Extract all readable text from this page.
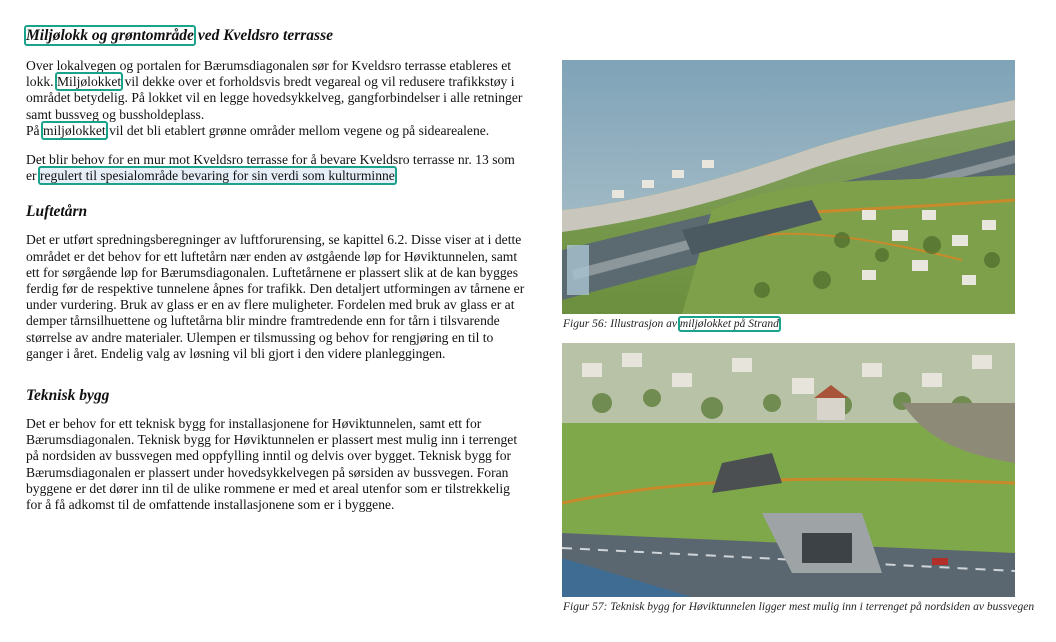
Miljølokk og grøntområde ved Kveldsro terrasse

Over lokalvegen og portalen for Bærumsdiagonalen sør for Kveldsro terrasse etableres et lokk. Miljølokket vil dekke over et forholdsvis bredt vegareal og vil redusere trafikkstøy i området betydelig. På lokket vil en legge hovedsykkelveg, gangforbindelser i alle retninger samt bussveg og bussholdeplass.
På miljølokket vil det bli etablert grønne områder mellom vegene og på sidearealene.

Det blir behov for en mur mot Kveldsro terrasse for å bevare Kveldsro terrasse nr. 13 som er regulert til spesialområde bevaring for sin verdi som kulturminne

Luftetårn

Det er utført spredningsberegninger av luftforurensing, se kapittel 6.2. Disse viser at i dette området er det behov for ett luftetårn nær enden av østgående løp for Høviktunnelen, samt ett for sørgående løp for Bærumsdiagonalen. Luftetårnene er plassert slik at de kan bygges ferdig før de respektive tunnelene åpnes for trafikk. Den detaljert utformingen av tårnene er under vurdering. Bruk av glass er en av flere muligheter. Fordelen med bruk av glass er at demper tårnsilhuettene og luftetårna blir mindre framtredende enn for tårn i tilsvarende størrelse av andre materialer. Ulempen er tilsmussing og behov for rengjøring en til to ganger i året. Endelig valg av løsning vil bli gjort i den videre planleggingen.

Teknisk bygg

Det er behov for ett teknisk bygg for installasjonene for Høviktunnelen, samt ett for Bærumsdiagonalen. Teknisk bygg for Høviktunnelen er plassert mest mulig inn i terrenget på nordsiden av bussvegen med oppfylling inntil og delvis over bygget. Teknisk bygg for Bærumsdiagonalen er plassert under hovedsykkelvegen på sørsiden av bussvegen. Foran byggene er det dører inn til de ulike rommene er med et areal utenfor som er tilstrekkelig for å få adkomst til de omfattende installasjonene som er i byggene.

Figur 56: Illustrasjon av miljølokket på Strand
Figur 57: Teknisk bygg for Høviktunnelen ligger mest mulig inn i terrenget på nordsiden av bussvegen
